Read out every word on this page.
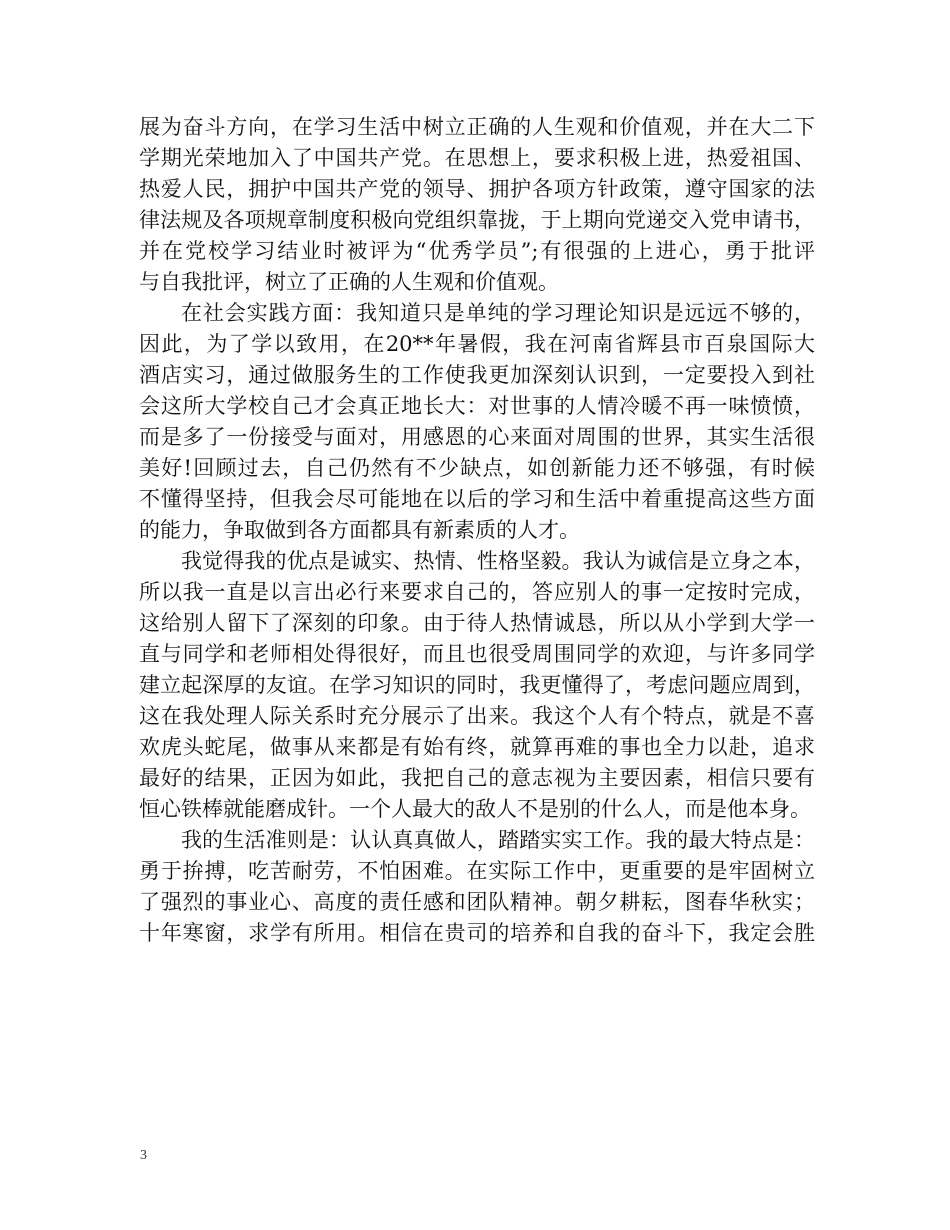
展为奋斗方向，在学习生活中树立正确的人生观和价值观，并在大二下
学期光荣地加入了中国共产党。在思想上，要求积极上进，热爱祖国、
热爱人民，拥护中国共产党的领导、拥护各项方针政策，遵守国家的法
律法规及各项规章制度积极向党组织靠拢，于上期向党递交入党申请书，
并在党校学习结业时被评为“优秀学员”;有很强的上进心，勇于批评
与自我批评，树立了正确的人生观和价值观。
在社会实践方面：我知道只是单纯的学习理论知识是远远不够的，
因此，为了学以致用，在20**年暑假，我在河南省辉县市百泉国际大
酒店实习，通过做服务生的工作使我更加深刻认识到，一定要投入到社
会这所大学校自己才会真正地长大：对世事的人情冷暖不再一味愤愤，
而是多了一份接受与面对，用感恩的心来面对周围的世界，其实生活很
美好!回顾过去，自己仍然有不少缺点，如创新能力还不够强，有时候
不懂得坚持，但我会尽可能地在以后的学习和生活中着重提高这些方面
的能力，争取做到各方面都具有新素质的人才。
我觉得我的优点是诚实、热情、性格坚毅。我认为诚信是立身之本，
所以我一直是以言出必行来要求自己的，答应别人的事一定按时完成，
这给别人留下了深刻的印象。由于待人热情诚恳，所以从小学到大学一
直与同学和老师相处得很好，而且也很受周围同学的欢迎，与许多同学
建立起深厚的友谊。在学习知识的同时，我更懂得了，考虑问题应周到，
这在我处理人际关系时充分展示了出来。我这个人有个特点，就是不喜
欢虎头蛇尾，做事从来都是有始有终，就算再难的事也全力以赴，追求
最好的结果，正因为如此，我把自己的意志视为主要因素，相信只要有
恒心铁棒就能磨成针。一个人最大的敌人不是别的什么人，而是他本身。
我的生活准则是：认认真真做人，踏踏实实工作。我的最大特点是：
勇于拚搏，吃苦耐劳，不怕困难。在实际工作中，更重要的是牢固树立
了强烈的事业心、高度的责任感和团队精神。朝夕耕耘，图春华秋实；
十年寒窗，求学有所用。相信在贵司的培养和自我的奋斗下，我定会胜
3
